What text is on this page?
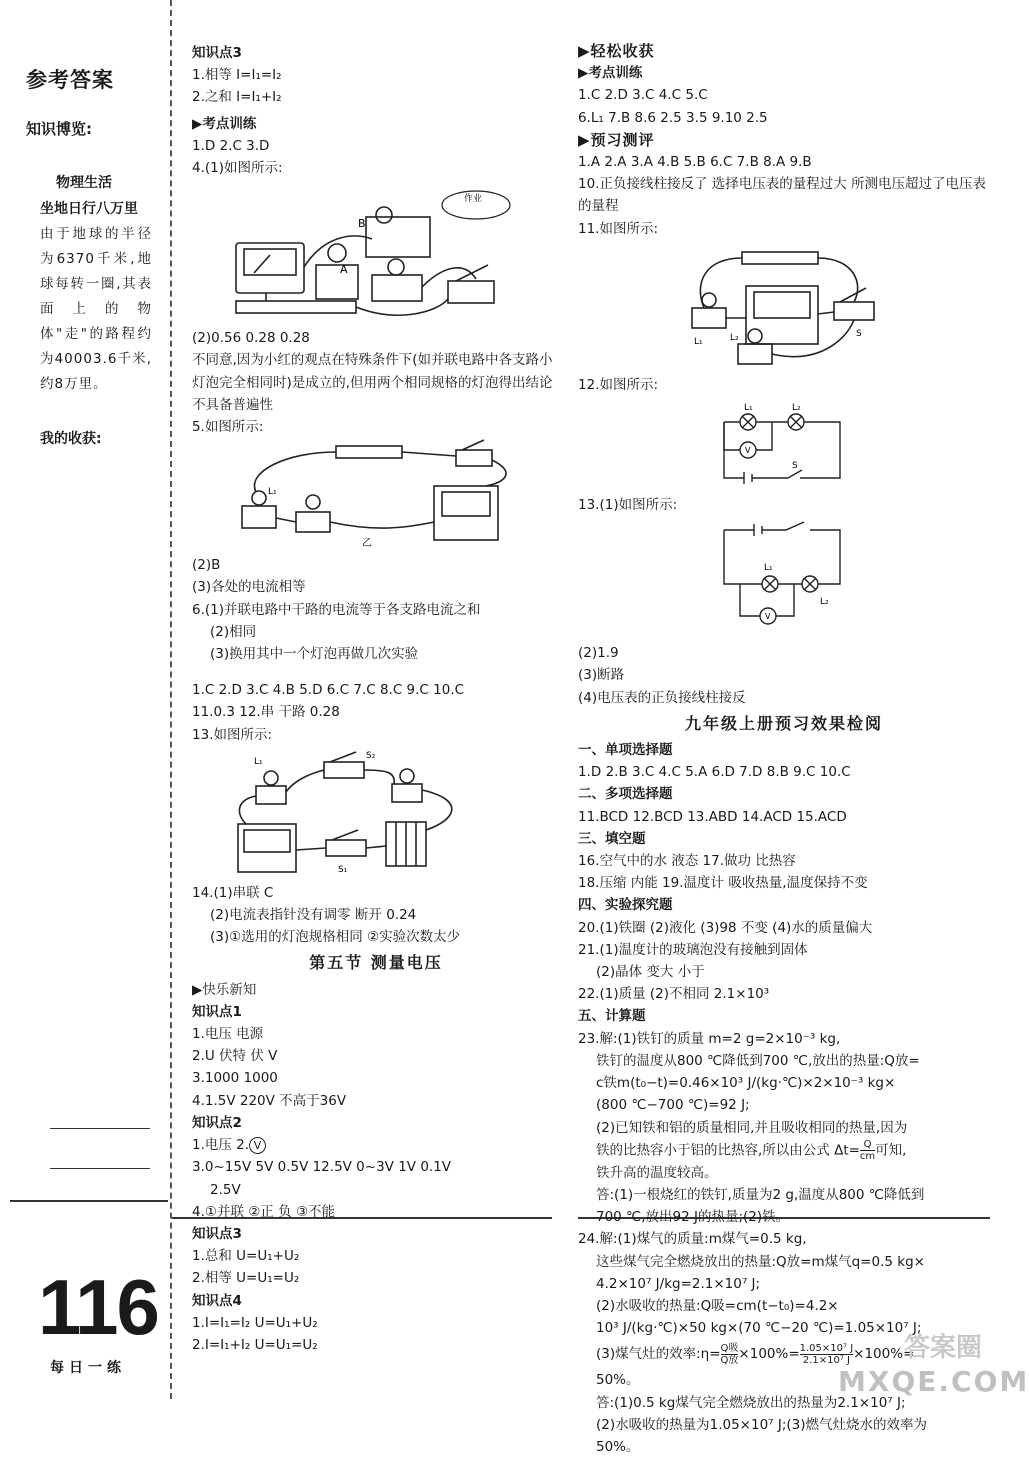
参考答案
知识博览:
物理生活
坐地日行八万里
由于地球的半径为6370千米,地球每转一圈,其表面上的物体"走"的路程约为40003.6千米,约8万里。
我的收获:
116
每日一练
知识点3
1.相等 I=I₁=I₂
2.之和 I=I₁+I₂
▶考点训练
1.D 2.C 3.D
4.(1)如图所示:
作业
B
A
(2)0.56 0.28 0.28
不同意,因为小红的观点在特殊条件下(如并联电路中各支路小灯泡完全相同时)是成立的,但用两个相同规格的灯泡得出结论不具备普遍性
5.如图所示:
L₁
乙
(2)B
(3)各处的电流相等
6.(1)并联电路中干路的电流等于各支路电流之和
(2)相同
(3)换用其中一个灯泡再做几次实验
1.C 2.D 3.C 4.B 5.D 6.C 7.C 8.C 9.C 10.C
11.0.3 12.串 干路 0.28
13.如图所示:
L₁
S₂
S₁
14.(1)串联 C
(2)电流表指针没有调零 断开 0.24
(3)①选用的灯泡规格相同 ②实验次数太少
第五节 测量电压
▶快乐新知
知识点1
1.电压 电源
2.U 伏特 伏 V
3.1000 1000
4.1.5V 220V 不高于36V
知识点2
1.电压 2. V
3.0~15V 5V 0.5V 12.5V 0~3V 1V 0.1V
2.5V
4.①并联 ②正 负 ③不能
知识点3
1.总和 U=U₁+U₂
2.相等 U=U₁=U₂
知识点4
1.I=I₁=I₂ U=U₁+U₂
2.I=I₁+I₂ U=U₁=U₂
▶轻松收获
▶考点训练
1.C 2.D 3.C 4.C 5.C
6.L₁ 7.B 8.6 2.5 3.5 9.10 2.5
▶预习测评
1.A 2.A 3.A 4.B 5.B 6.C 7.B 8.A 9.B
10.正负接线柱接反了 选择电压表的量程过大 所测电压超过了电压表的量程
11.如图所示:
L₁	L₂	S
12.如图所示:
L₁	L₂
V
S
13.(1)如图所示:
L₁
L₂
V
(2)1.9
(3)断路
(4)电压表的正负接线柱接反
九年级上册预习效果检阅
一、单项选择题
1.D 2.B 3.C 4.C 5.A 6.D 7.D 8.B 9.C 10.C
二、多项选择题
11.BCD 12.BCD 13.ABD 14.ACD 15.ACD
三、填空题
16.空气中的水 液态 17.做功 比热容
18.压缩 内能 19.温度计 吸收热量,温度保持不变
四、实验探究题
20.(1)铁圈 (2)液化 (3)98 不变 (4)水的质量偏大
21.(1)温度计的玻璃泡没有接触到固体
(2)晶体 变大 小于
22.(1)质量 (2)不相同 2.1×10³
五、计算题
23.解:(1)铁钉的质量 m=2 g=2×10⁻³ kg,
铁钉的温度从800 ℃降低到700 ℃,放出的热量:Q放=
c铁m(t₀−t)=0.46×10³ J/(kg·℃)×2×10⁻³ kg×
(800 ℃−700 ℃)=92 J;
(2)已知铁和铝的质量相同,并且吸收相同的热量,因为
铁的比热容小于铝的比热容,所以由公式 $\Delta t= \frac{Q}{cm}$ 可知,
铁升高的温度较高。
答:(1)一根烧红的铁钉,质量为2 g,温度从800 ℃降低到
700 ℃,放出92 J的热量;(2)铁。
24.解:(1)煤气的质量:m煤气=0.5 kg,
这些煤气完全燃烧放出的热量:Q放=m煤气q=0.5 kg×
4.2×10⁷ J/kg=2.1×10⁷ J;
(2)水吸收的热量:Q吸=cm(t−t₀)=4.2×
10³ J/(kg·℃)×50 kg×(70 ℃−20 ℃)=1.05×10⁷ J;
(3)煤气灶的效率:η= $\frac{\text{Q吸}}{\text{Q放}} \times 100\%= \frac{\text{1.05×10⁷ J}}{\text{2.1×10⁷ J}} \times 100\%=$
50%。
答:(1)0.5 kg煤气完全燃烧放出的热量为2.1×10⁷ J;
(2)水吸收的热量为1.05×10⁷ J;(3)燃气灶烧水的效率为
50%。
答案圈
MXQE.COM
